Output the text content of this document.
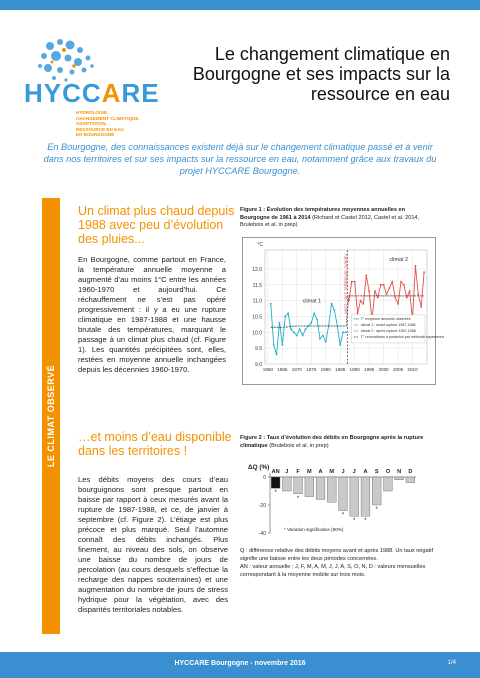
HYCCARE
HYDROLOGIE,
CHANGEMENT CLIMATIQUE,
ADAPTATION,
RESSOURCE EN EAU
EN BOURGOGNE
Le changement climatique en Bourgogne et ses impacts sur la ressource en eau

En Bourgogne, des connaissances existent déjà sur le changement climatique passé et à venir dans nos territoires et sur ses impacts sur la ressource en eau, notamment grâce aux travaux du projet HYCCARE Bourgogne.

LE CLIMAT OBSERVÉ
Un climat plus chaud depuis 1988 avec peu d’évolution des pluies...

En Bourgogne, comme partout en France, la température annuelle moyenne a augmenté d’au moins 1°C entre les années 1960-1970 et aujourd’hui. Ce réchauffement ne s’est pas opéré progressivement : il y a eu une rupture climatique en 1987-1988 et une hausse brutale des températures, marquant le passage à un climat plus chaud (cf. Figure 1). Les quantités précipitées sont, elles, restées en moyenne annuelle inchangées depuis les décennies 1960-1970.

Figure 1 : Évolution des températures moyennes annuelles en Bourgogne de 1961 à 2014 (Richard et Castel 2012, Castel et al. 2014, Brulebois et al. in prep)
9.0
9.5
10.0
10.5
11.0
11.5
12.0
1960 1965 1970 1975 1980 1985 1990 1995 2000 2005 2010
°C
rupture climatique 1987-1988
climat 1
climat 2
T° moyenne annuelle observée
climat 1 : avant rupture 1987-1988
climat 2 : après rupture 1987-1988
T° reconstituée à posteriori par méthode bayésienne
…et moins d’eau disponible dans les territoires !

Les débits moyens des cours d’eau bourguignons sont presque partout en baisse par rapport à ceux mesurés avant la rupture de 1987-1988, et ce, de janvier à septembre (cf. Figure 2). L’étiage est plus précoce et plus marqué. Seul l’automne connaît des débits inchangés. Plus finement, au niveau des sols, on observe une baisse du nombre de jours de percolation (au cours desquels s’effectue la recharge des nappes souterraines) et une augmentation du nombre de jours de stress hydrique pour la végétation, avec des disparités territoriales notables.

Figure 2 : Taux d’évolution des débits en Bourgogne après la rupture climatique (Brulebois et al. in prep)
ΔQ (%)
0
-20
-40
AN
*
J F
*
M A M J
*
J
*
A
*
S
*
O N D
* Variation significative (90%)

Q : différence relative des débits moyens avant et après 1988. Un taux négatif signifie une baisse entre les deux périodes concernées.

AN : valeur annuelle ; J, F, M, A, M, J, J, A, S, O, N, D : valeurs mensuelles correspondant à la moyenne mobile sur trois mois.

HYCCARE Bourgogne - novembre 2016	1/4
